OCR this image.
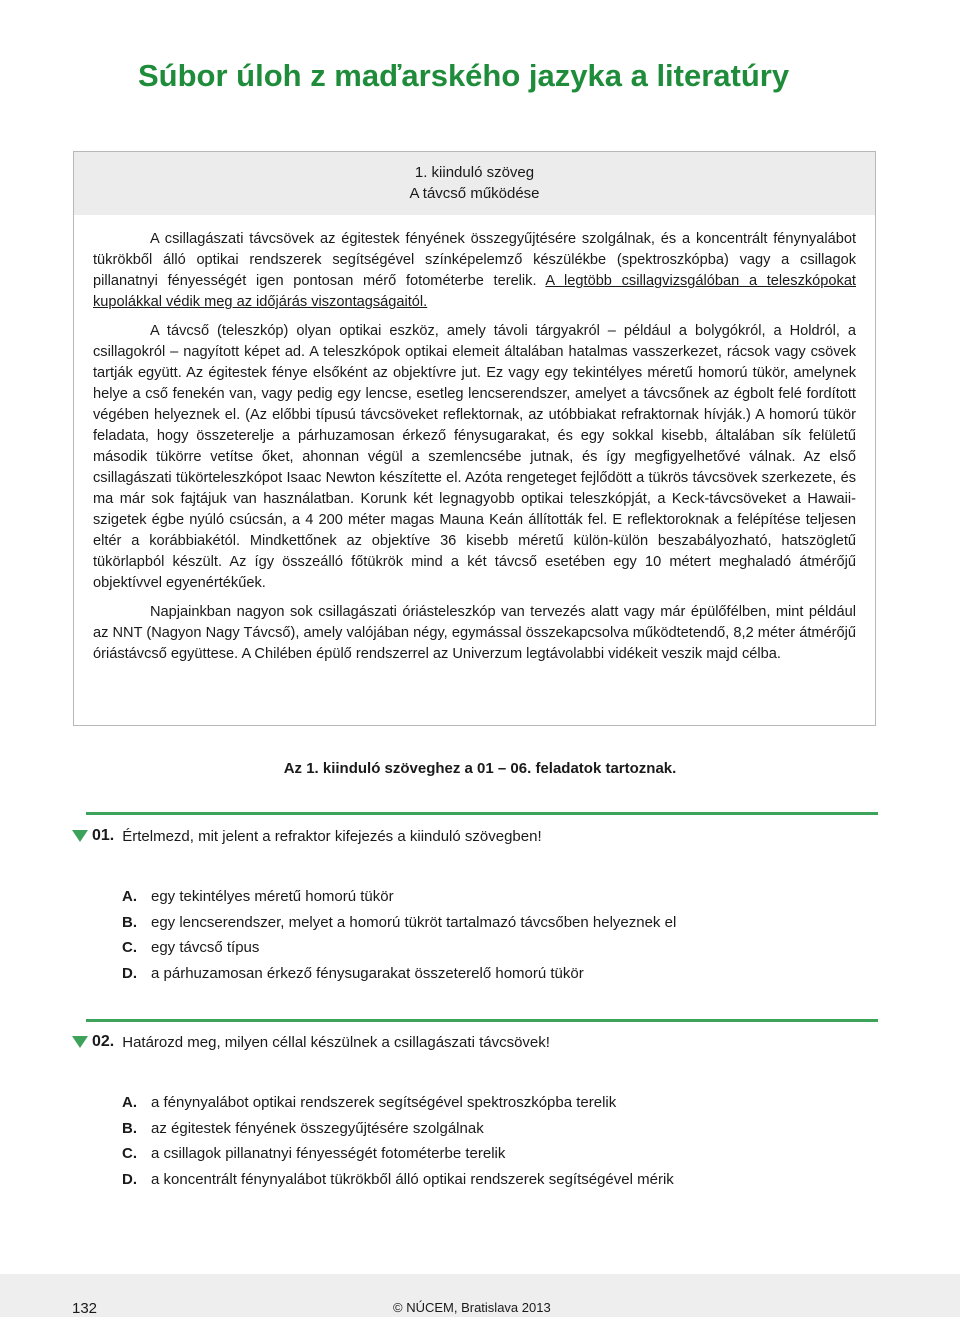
Súbor úloh z maďarského jazyka a literatúry
1. kiinduló szöveg
A távcső működése

A csillagászati távcsövek az égitestek fényének összegyűjtésére szolgálnak, és a koncentrált fénynyalábot tükrökből álló optikai rendszerek segítségével színképelemző készülékbe (spektroszkópba) vagy a csillagok pillanatnyi fényességét igen pontosan mérő fotométerbe terelik. A legtöbb csillagvizsgálóban a teleszkópokat kupolákkal védik meg az időjárás viszontagságaitól.

A távcső (teleszkóp) olyan optikai eszköz, amely távoli tárgyakról – például a bolygókról, a Holdról, a csillagokról – nagyított képet ad. A teleszkópok optikai elemeit általában hatalmas vasszerkezet, rácsok vagy csövek tartják együtt. Az égitestek fénye elsőként az objektívre jut. Ez vagy egy tekintélyes méretű homorú tükör, amelynek helye a cső fenekén van, vagy pedig egy lencse, esetleg lencserendszer, amelyet a távcsőnek az égbolt felé fordított végében helyeznek el. (Az előbbi típusú távcsöveket reflektornak, az utóbbiakat refraktornak hívják.) A homorú tükör feladata, hogy összeterelje a párhuzamosan érkező fénysugarakat, és egy sokkal kisebb, általában sík felületű második tükörre vetítse őket, ahonnan végül a szemlencsébe jutnak, és így megfigyelhetővé válnak. Az első csillagászati tükörteleszkópot Isaac Newton készítette el. Azóta rengeteget fejlődött a tükrös távcsövek szerkezete, és ma már sok fajtájuk van használatban. Korunk két legnagyobb optikai teleszkópját, a Keck-távcsöveket a Hawaii-szigetek égbe nyúló csúcsán, a 4 200 méter magas Mauna Keán állították fel. E reflektoroknak a felépítése teljesen eltér a korábbiakétól. Mindkettőnek az objektíve 36 kisebb méretű külön-külön beszabályozható, hatszögletű tükörlapból készült. Az így összeálló főtükrök mind a két távcső esetében egy 10 métert meghaladó átmérőjű objektívvel egyenértékűek.

Napjainkban nagyon sok csillagászati óriásteleszkóp van tervezés alatt vagy már épülőfélben, mint például az NNT (Nagyon Nagy Távcső), amely valójában négy, egymással összekapcsolva működtetendő, 8,2 méter átmérőjű óriástávcső együttese. A Chilében épülő rendszerrel az Univerzum legtávolabbi vidékeit veszik majd célba.

Az 1. kiinduló szöveghez a 01 – 06. feladatok tartoznak.
01. Értelmezd, mit jelent a refraktor kifejezés a kiinduló szövegben!
A. egy tekintélyes méretű homorú tükör
B. egy lencserendszer, melyet a homorú tükröt tartalmazó távcsőben helyeznek el
C. egy távcső típus
D. a párhuzamosan érkező fénysugarakat összeterelő homorú tükör
02. Határozd meg, milyen céllal készülnek a csillagászati távcsövek!
A. a fénynyalábot optikai rendszerek segítségével spektroszkópba terelik
B. az égitestek fényének összegyűjtésére szolgálnak
C. a csillagok pillanatnyi fényességét fotométerbe terelik
D. a koncentrált fénynyalábot tükrökből álló optikai rendszerek segítségével mérik
132	© NÚCEM, Bratislava 2013
